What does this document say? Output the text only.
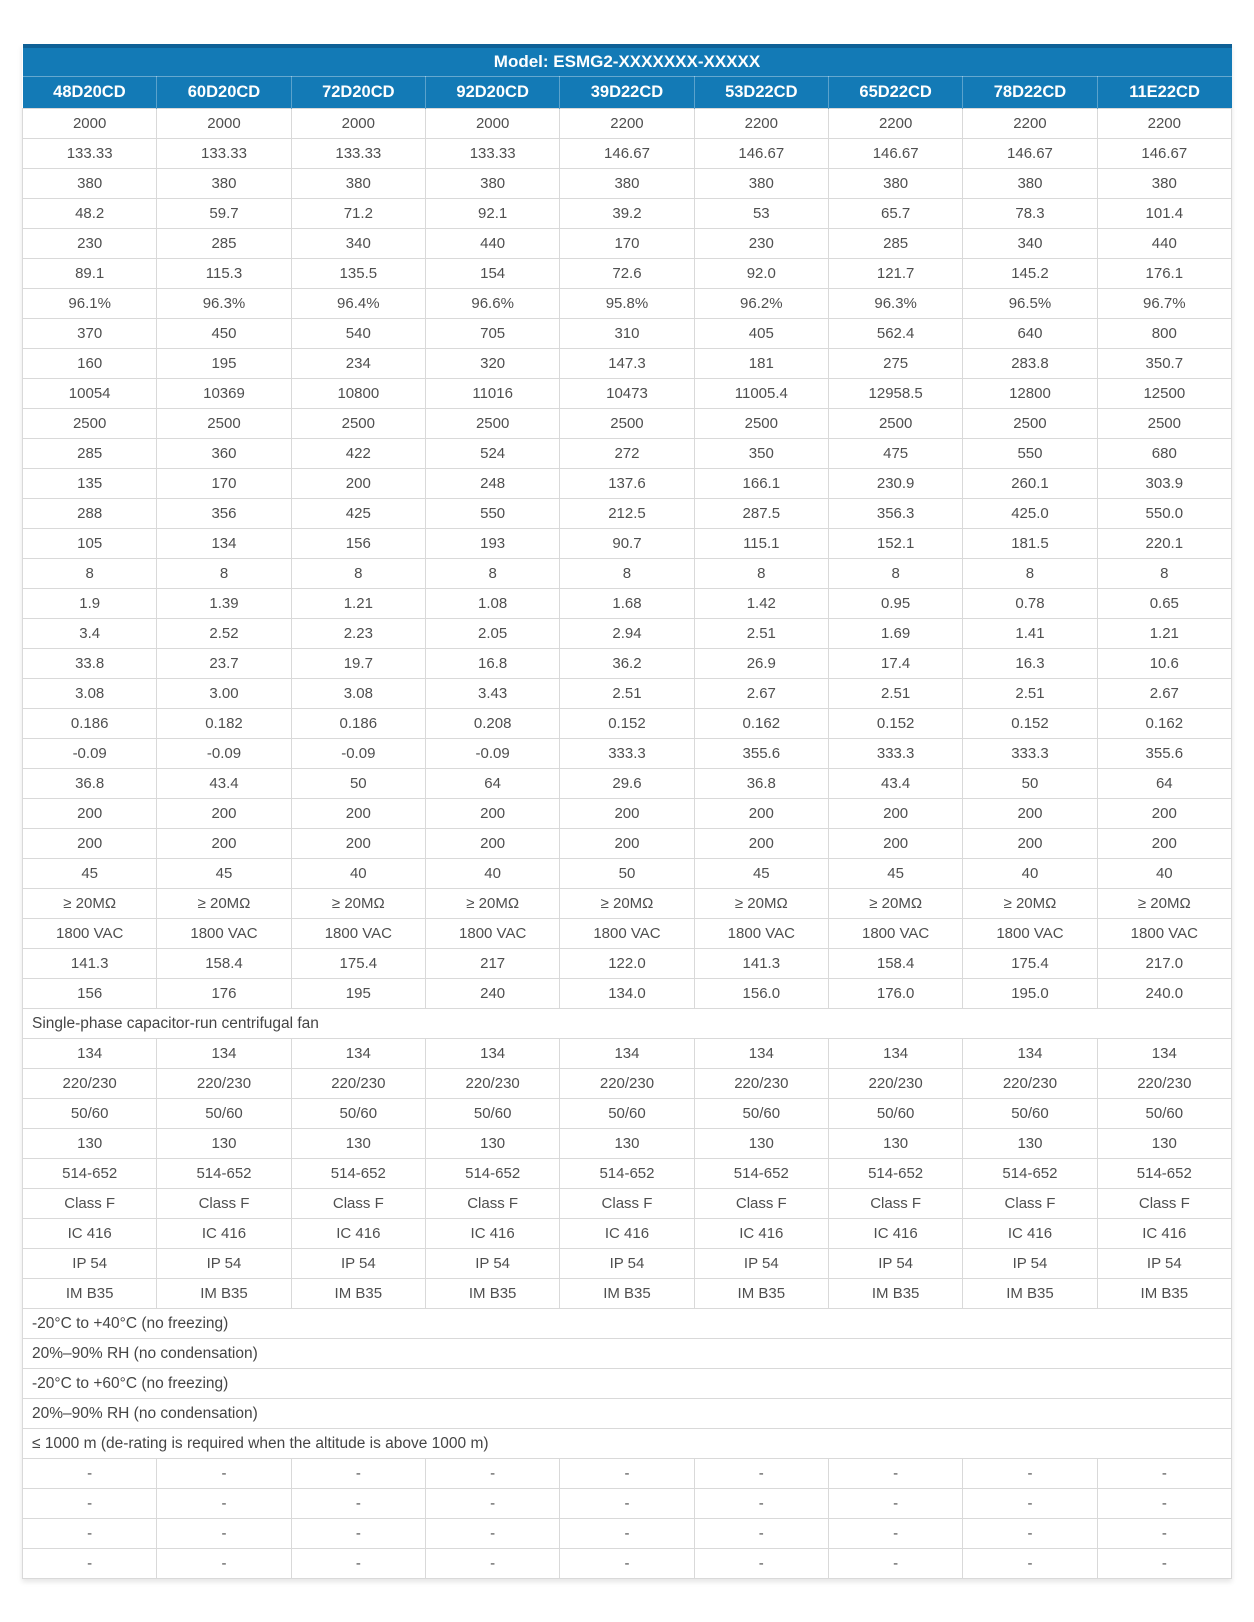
Model: ESMG2-XXXXXXX-XXXXX								
48D20CD	60D20CD	72D20CD	92D20CD	39D22CD	53D22CD	65D22CD	78D22CD	11E22CD
2000	2000	2000	2000	2200	2200	2200	2200	2200
133.33	133.33	133.33	133.33	146.67	146.67	146.67	146.67	146.67
380	380	380	380	380	380	380	380	380
48.2	59.7	71.2	92.1	39.2	53	65.7	78.3	101.4
230	285	340	440	170	230	285	340	440
89.1	115.3	135.5	154	72.6	92.0	121.7	145.2	176.1
96.1%	96.3%	96.4%	96.6%	95.8%	96.2%	96.3%	96.5%	96.7%
370	450	540	705	310	405	562.4	640	800
160	195	234	320	147.3	181	275	283.8	350.7
10054	10369	10800	11016	10473	11005.4	12958.5	12800	12500
2500	2500	2500	2500	2500	2500	2500	2500	2500
285	360	422	524	272	350	475	550	680
135	170	200	248	137.6	166.1	230.9	260.1	303.9
288	356	425	550	212.5	287.5	356.3	425.0	550.0
105	134	156	193	90.7	115.1	152.1	181.5	220.1
8	8	8	8	8	8	8	8	8
1.9	1.39	1.21	1.08	1.68	1.42	0.95	0.78	0.65
3.4	2.52	2.23	2.05	2.94	2.51	1.69	1.41	1.21
33.8	23.7	19.7	16.8	36.2	26.9	17.4	16.3	10.6
3.08	3.00	3.08	3.43	2.51	2.67	2.51	2.51	2.67
0.186	0.182	0.186	0.208	0.152	0.162	0.152	0.152	0.162
-0.09	-0.09	-0.09	-0.09	333.3	355.6	333.3	333.3	355.6
36.8	43.4	50	64	29.6	36.8	43.4	50	64
200	200	200	200	200	200	200	200	200
200	200	200	200	200	200	200	200	200
45	45	40	40	50	45	45	40	40
≥ 20MΩ	≥ 20MΩ	≥ 20MΩ	≥ 20MΩ	≥ 20MΩ	≥ 20MΩ	≥ 20MΩ	≥ 20MΩ	≥ 20MΩ
1800 VAC	1800 VAC	1800 VAC	1800 VAC	1800 VAC	1800 VAC	1800 VAC	1800 VAC	1800 VAC
141.3	158.4	175.4	217	122.0	141.3	158.4	175.4	217.0
156	176	195	240	134.0	156.0	176.0	195.0	240.0
Single-phase capacitor-run centrifugal fan								
134	134	134	134	134	134	134	134	134
220/230	220/230	220/230	220/230	220/230	220/230	220/230	220/230	220/230
50/60	50/60	50/60	50/60	50/60	50/60	50/60	50/60	50/60
130	130	130	130	130	130	130	130	130
514-652	514-652	514-652	514-652	514-652	514-652	514-652	514-652	514-652
Class F	Class F	Class F	Class F	Class F	Class F	Class F	Class F	Class F
IC 416	IC 416	IC 416	IC 416	IC 416	IC 416	IC 416	IC 416	IC 416
IP 54	IP 54	IP 54	IP 54	IP 54	IP 54	IP 54	IP 54	IP 54
IM B35	IM B35	IM B35	IM B35	IM B35	IM B35	IM B35	IM B35	IM B35
-20°C to +40°C (no freezing)								
20%–90% RH (no condensation)								
-20°C to +60°C (no freezing)								
20%–90% RH (no condensation)								
≤ 1000 m (de-rating is required when the altitude is above 1000 m)								
-	-	-	-	-	-	-	-	-
-	-	-	-	-	-	-	-	-
-	-	-	-	-	-	-	-	-
-	-	-	-	-	-	-	-	-
